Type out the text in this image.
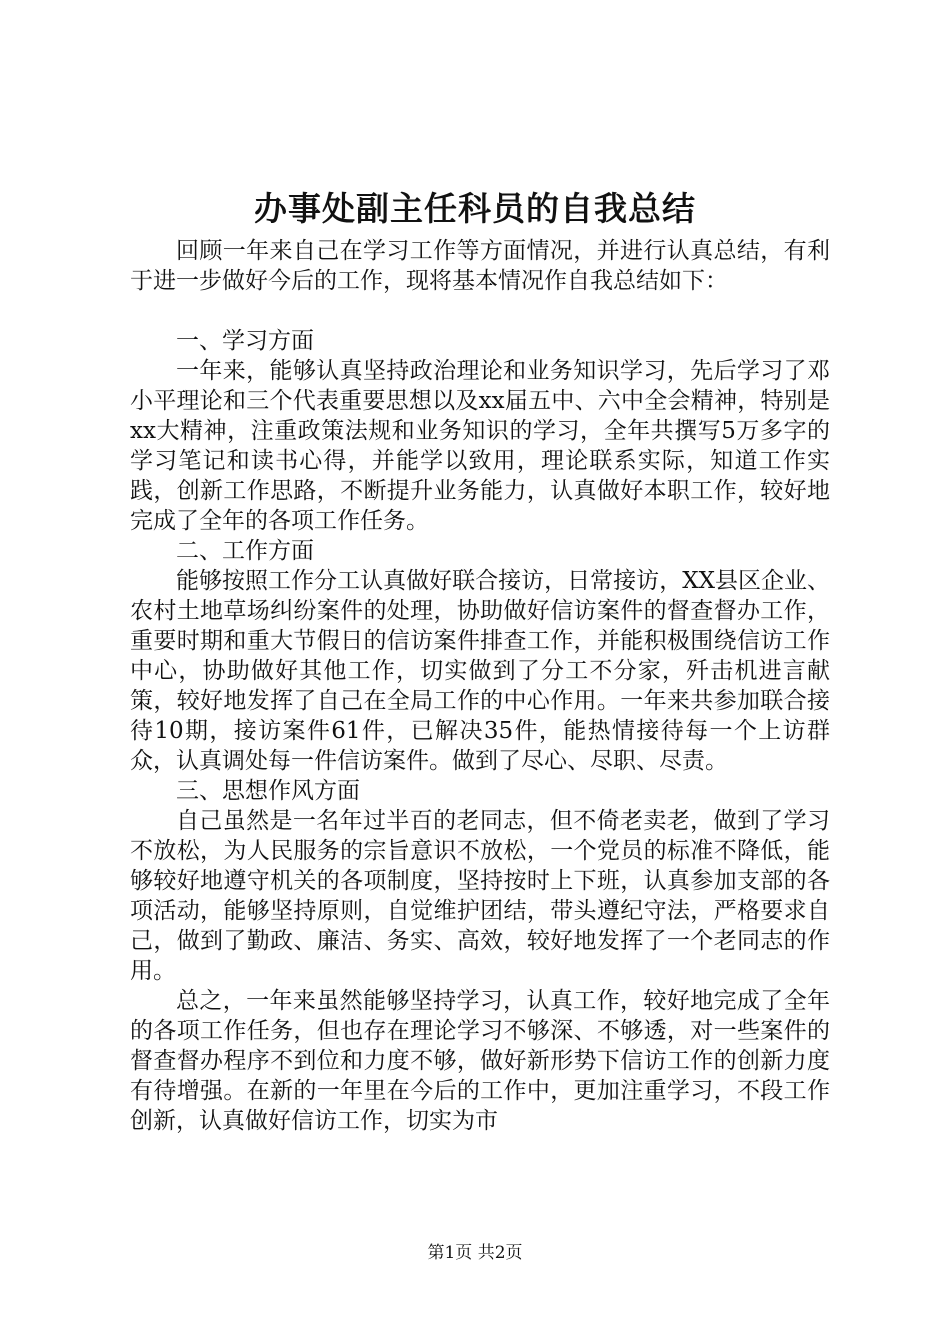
办事处副主任科员的自我总结

回顾一年来自己在学习工作等方面情况，并进行认真总结，有利于进一步做好今后的工作，现将基本情况作自我总结如下：

一、学习方面

一年来，能够认真坚持政治理论和业务知识学习，先后学习了邓小平理论和三个代表重要思想以及xx届五中、六中全会精神，特别是xx大精神，注重政策法规和业务知识的学习，全年共撰写5万多字的学习笔记和读书心得，并能学以致用，理论联系实际，知道工作实践，创新工作思路，不断提升业务能力，认真做好本职工作，较好地完成了全年的各项工作任务。

二、工作方面

能够按照工作分工认真做好联合接访，日常接访，XX县区企业、农村土地草场纠纷案件的处理，协助做好信访案件的督查督办工作，重要时期和重大节假日的信访案件排查工作，并能积极围绕信访工作中心，协助做好其他工作，切实做到了分工不分家，歼击机进言献策，较好地发挥了自己在全局工作的中心作用。一年来共参加联合接待10期，接访案件61件，已解决35件，能热情接待每一个上访群众，认真调处每一件信访案件。做到了尽心、尽职、尽责。

三、思想作风方面

自己虽然是一名年过半百的老同志，但不倚老卖老，做到了学习不放松，为人民服务的宗旨意识不放松，一个党员的标准不降低，能够较好地遵守机关的各项制度，坚持按时上下班，认真参加支部的各项活动，能够坚持原则，自觉维护团结，带头遵纪守法，严格要求自己，做到了勤政、廉洁、务实、高效，较好地发挥了一个老同志的作用。

总之，一年来虽然能够坚持学习，认真工作，较好地完成了全年的各项工作任务，但也存在理论学习不够深、不够透，对一些案件的督查督办程序不到位和力度不够，做好新形势下信访工作的创新力度有待增强。在新的一年里在今后的工作中，更加注重学习，不段工作创新，认真做好信访工作，切实为市

第1页 共2页
